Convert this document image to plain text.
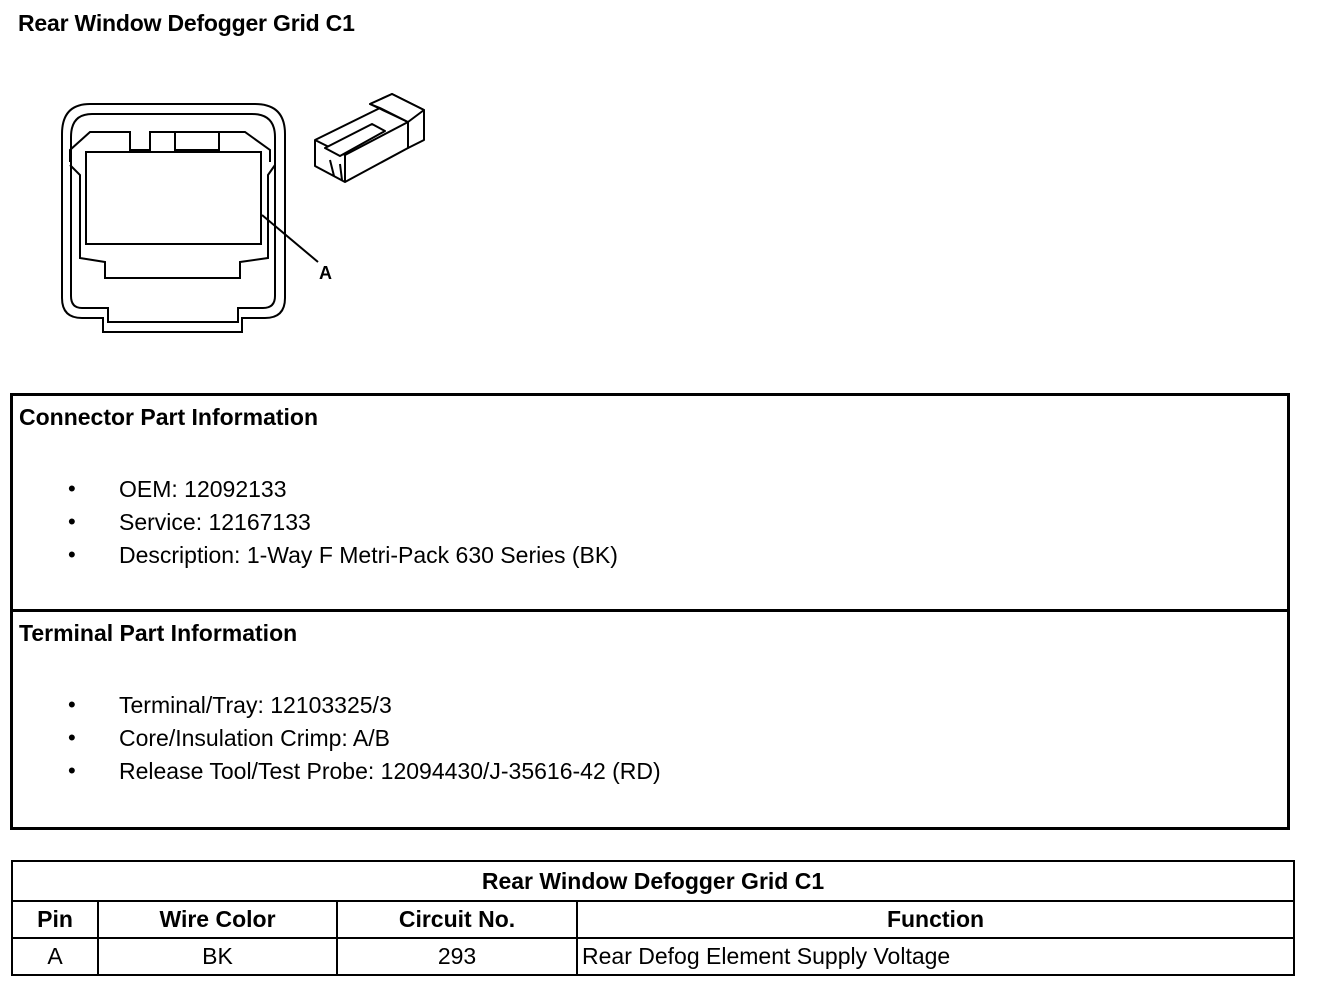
Rear Window Defogger Grid C1
A
Connector Part Information
• OEM: 12092133
• Service: 12167133
• Description: 1-Way F Metri-Pack 630 Series (BK)
Terminal Part Information
• Terminal/Tray: 12103325/3
• Core/Insulation Crimp: A/B
• Release Tool/Test Probe: 12094430/J-35616-42 (RD)
Rear Window Defogger Grid C1			
Pin	Wire Color	Circuit No.	Function
A	BK	293	Rear Defog Element Supply Voltage
